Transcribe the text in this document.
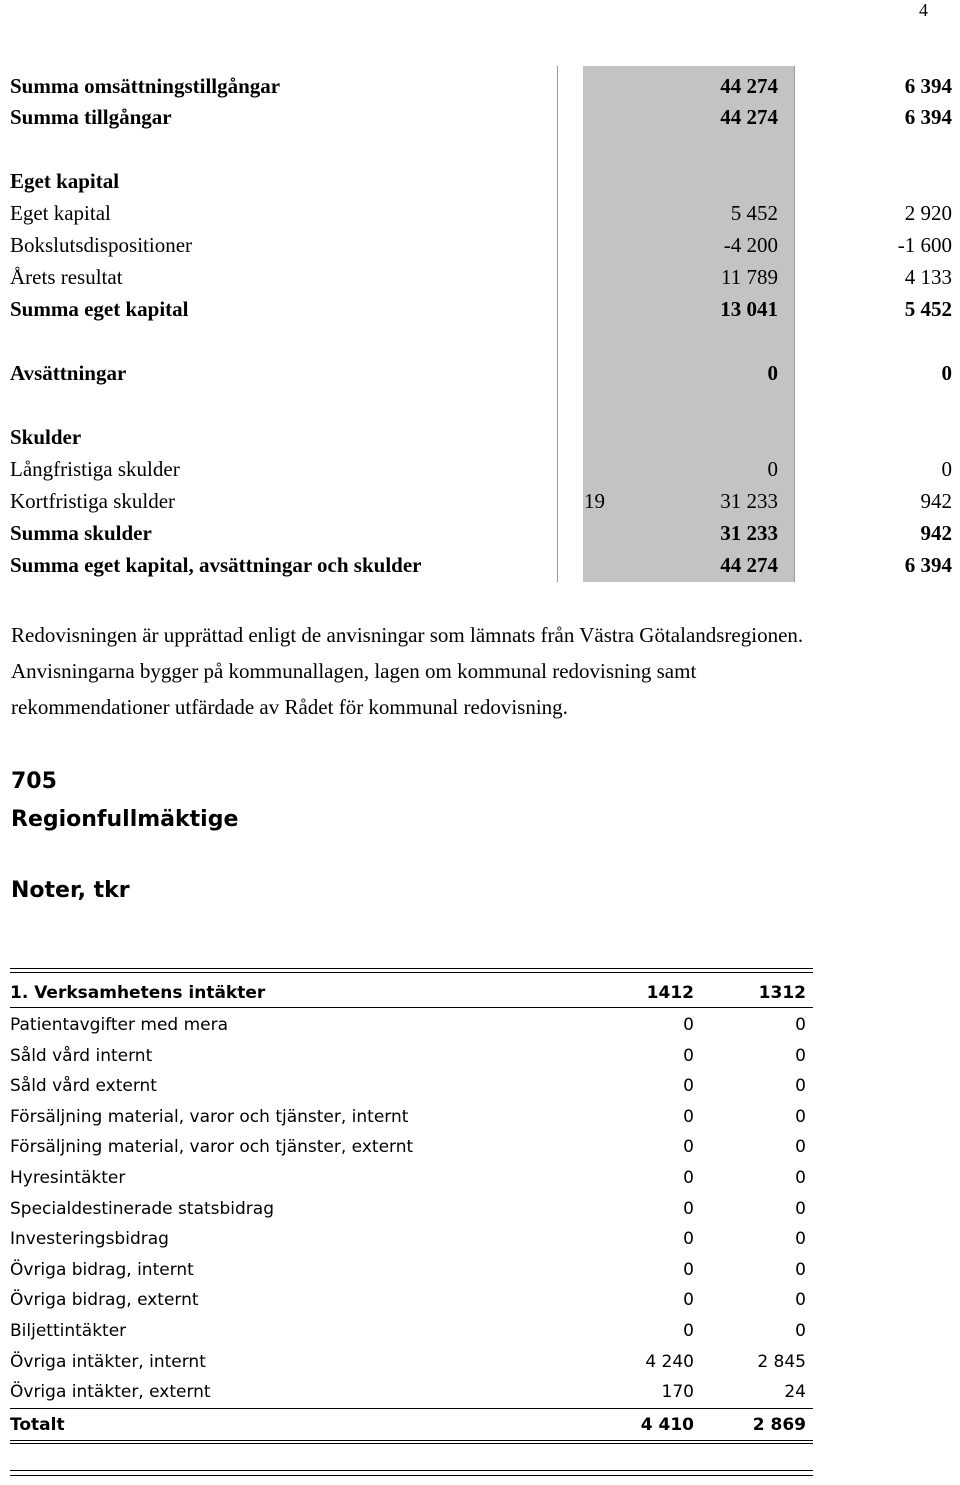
4
Summa omsättningstillgångar	44 274	6 394
Summa tillgångar	44 274	6 394
Eget kapital
Eget kapital	5 452	2 920
Bokslutsdispositioner	-4 200	-1 600
Årets resultat	11 789	4 133
Summa eget kapital	13 041	5 452
Avsättningar	0	0
Skulder
Långfristiga skulder	0	0
Kortfristiga skulder	19	31 233	942
Summa skulder	31 233	942
Summa eget kapital, avsättningar och skulder	44 274	6 394

Redovisningen är upprättad enligt de anvisningar som lämnats från Västra Götalandsregionen.

Anvisningarna bygger på kommunallagen, lagen om kommunal redovisning samt

rekommendationer utfärdade av Rådet för kommunal redovisning.

705
Regionfullmäktige
Noter, tkr
1. Verksamhetens intäkter	1412	1312
Patientavgifter med mera	0	0
Såld vård internt	0	0
Såld vård externt	0	0
Försäljning material, varor och tjänster, internt	0	0
Försäljning material, varor och tjänster, externt	0	0
Hyresintäkter	0	0
Specialdestinerade statsbidrag	0	0
Investeringsbidrag	0	0
Övriga bidrag, internt	0	0
Övriga bidrag, externt	0	0
Biljettintäkter	0	0
Övriga intäkter, internt	4 240	2 845
Övriga intäkter, externt	170	24
Totalt	4 410	2 869
